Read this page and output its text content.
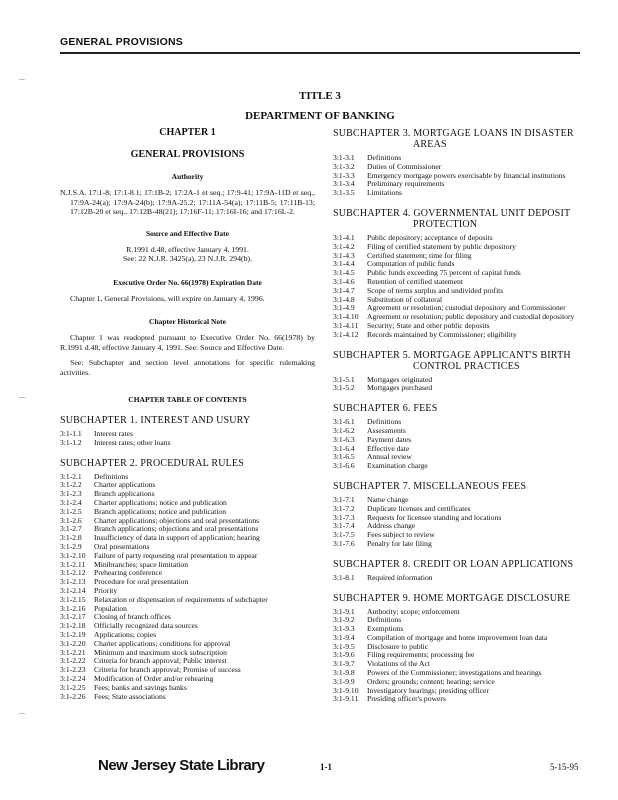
GENERAL PROVISIONS
TITLE 3
DEPARTMENT OF BANKING
CHAPTER 1
GENERAL PROVISIONS
Authority
N.J.S.A. 17:1-8; 17:1-8.1; 17:1B-2; 17:2A-1 et seq.; 17:9-41; 17:9A-11D et seq., 17:9A-24(a); 17:9A-24(b); 17:9A-25.2; 17:11A-54(a); 17:11B-5; 17:11B-13; 17:12B-20 et seq., 17:12B-48(21); 17:16F-11; 17:16I-16; and 17:16L-2.
Source and Effective Date
R.1991 d.48, effective January 4, 1991.
See: 22 N.J.R. 3425(a), 23 N.J.R. 294(b).
Executive Order No. 66(1978) Expiration Date
Chapter 1, General Provisions, will expire on January 4, 1996.
Chapter Historical Note
Chapter 1 was readopted pursuant to Executive Order No. 66(1978) by R.1991 d.48, effective January 4, 1991. See: Source and Effective Date.
See: Subchapter and section level annotations for specific rulemaking activities.
CHAPTER TABLE OF CONTENTS
SUBCHAPTER 1. INTEREST AND USURY
3:1-1.1	Interest rates
3:1-1.2	Interest rates; other loans
SUBCHAPTER 2. PROCEDURAL RULES
3:1-2.1	Definitions
3:1-2.2	Charter applications
3:1-2.3	Branch applications
3:1-2.4	Charter applications; notice and publication
3:1-2.5	Branch applications; notice and publication
3:1-2.6	Charter applications; objections and oral presentations
3:1-2.7	Branch applications; objections and oral presentations
3:1-2.8	Insufficiency of data in support of application; hearing
3:1-2.9	Oral presentations
3:1-2.10	Failure of party requesting oral presentation to appear
3:1-2.11	Minibranches; space limitation
3:1-2.12	Prehearing conference
3:1-2.13	Procedure for oral presentation
3:1-2.14	Priority
3:1-2.15	Relaxation or dispensation of requirements of subchapter
3:1-2.16	Population
3:1-2.17	Closing of branch offices
3:1-2.18	Officially recognized data sources
3:1-2.19	Applications; copies
3:1-2.20	Charter applications; conditions for approval
3:1-2.21	Minimum and maximum stock subscription
3:1-2.22	Criteria for branch approval; Public interest
3:1-2.23	Criteria for branch approval; Promise of success
3:1-2.24	Modification of Order and/or rehearing
3:1-2.25	Fees; banks and savings banks
3:1-2.26	Fees; State associations
SUBCHAPTER 3. MORTGAGE LOANS IN DISASTER
AREAS
3:1-3.1	Definitions
3:1-3.2	Duties of Commissioner
3:1-3.3	Emergency mortgage powers exercisable by financial institutions
3:1-3.4	Preliminary requirements
3:1-3.5	Limitations
SUBCHAPTER 4. GOVERNMENTAL UNIT DEPOSIT
PROTECTION
3:1-4.1	Public depository; acceptance of deposits
3:1-4.2	Filing of certified statement by public depository
3:1-4.3	Certified statement; time for filing
3:1-4.4	Computation of public funds
3:1-4.5	Public funds exceeding 75 percent of capital funds
3:1-4.6	Retention of certified statement
3:1-4.7	Scope of terms surplus and undivided profits
3:1-4.8	Substitution of collateral
3:1-4.9	Agreement or resolution; custodial depository and Commissioner
3:1-4.10	Agreement or resolution; public depository and custodial depository
3:1-4.11	Security; State and other public deposits
3:1-4.12	Records maintained by Commissioner; eligibility
SUBCHAPTER 5. MORTGAGE APPLICANT'S BIRTH
CONTROL PRACTICES
3:1-5.1	Mortgages originated
3:1-5.2	Mortgages purchased
SUBCHAPTER 6. FEES
3:1-6.1	Definitions
3:1-6.2	Assessments
3:1-6.3	Payment dates
3:1-6.4	Effective date
3:1-6.5	Annual review
3:1-6.6	Examination charge
SUBCHAPTER 7. MISCELLANEOUS FEES
3:1-7.1	Name change
3:1-7.2	Duplicate licenses and certificates
3:1-7.3	Requests for licensee standing and locations
3:1-7.4	Address change
3:1-7.5	Fees subject to review
3:1-7.6	Penalty for late filing
SUBCHAPTER 8. CREDIT OR LOAN APPLICATIONS
3:1-8.1	Required information
SUBCHAPTER 9. HOME MORTGAGE DISCLOSURE
3:1-9.1	Authority; scope; enforcement
3:1-9.2	Definitions
3:1-9.3	Exemptions
3:1-9.4	Compilation of mortgage and home improvement loan data
3:1-9.5	Disclosure to public
3:1-9.6	Filing requirements; processing fee
3:1-9.7	Violations of the Act
3:1-9.8	Powers of the Commissioner; investigations and hearings
3:1-9.9	Orders; grounds; content; hearing; service
3:1-9.10	Investigatory hearings; presiding officer
3:1-9.11	Presiding officer's powers
⌒
⌒
⌒
New Jersey State Library	1-1	5-15-95
